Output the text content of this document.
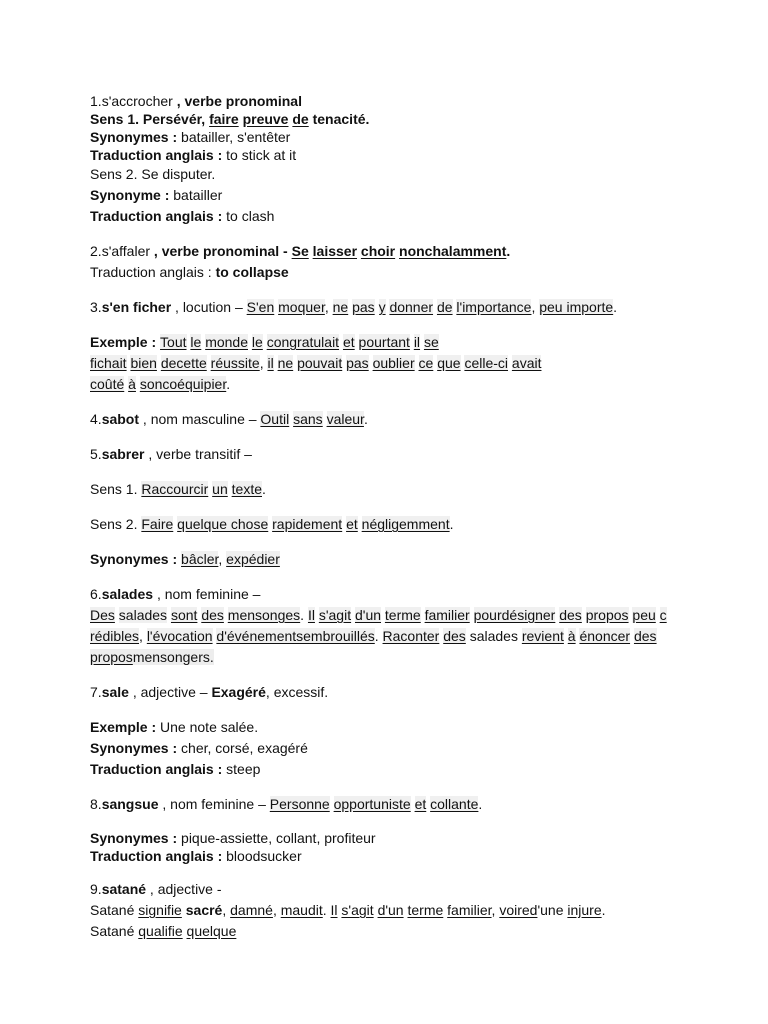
1.s'accrocher , verbe pronominal
Sens 1. Persévér, faire preuve de tenacité.
Synonymes : batailler, s'entêter
Traduction anglais : to stick at it
Sens 2. Se disputer.
Synonyme : batailler
Traduction anglais : to clash
2.s'affaler , verbe pronominal - Se laisser choir nonchalamment.
Traduction anglais : to collapse
3.s'en ficher , locution – S'en moquer, ne pas y donner de l'importance, peu importe.
Exemple : Tout le monde le congratulait et pourtant il se
fichait bien decette réussite, il ne pouvait pas oublier ce que celle-ci avait
coûté à soncoéquipier.
4.sabot , nom masculine – Outil sans valeur.
5.sabrer , verbe transitif –
Sens 1. Raccourcir un texte.
Sens 2. Faire quelque chose rapidement et négligemment.
Synonymes : bâcler, expédier
6.salades , nom feminine –
Des salades sont des mensonges. Il s'agit d'un terme familier pourdésigner des propos peu c
rédibles, l'évocation d'événementsembrouillés. Raconter des salades revient à énoncer des
proposmensongers.
7.sale , adjective – Exagéré, excessif.
Exemple : Une note salée.
Synonymes : cher, corsé, exagéré
Traduction anglais : steep
8.sangsue , nom feminine – Personne opportuniste et collante.
Synonymes : pique-assiette, collant, profiteur
Traduction anglais : bloodsucker
9.satané , adjective -
Satané signifie sacré, damné, maudit. Il s'agit d'un terme familier, voired'une injure.
Satané qualifie quelque
